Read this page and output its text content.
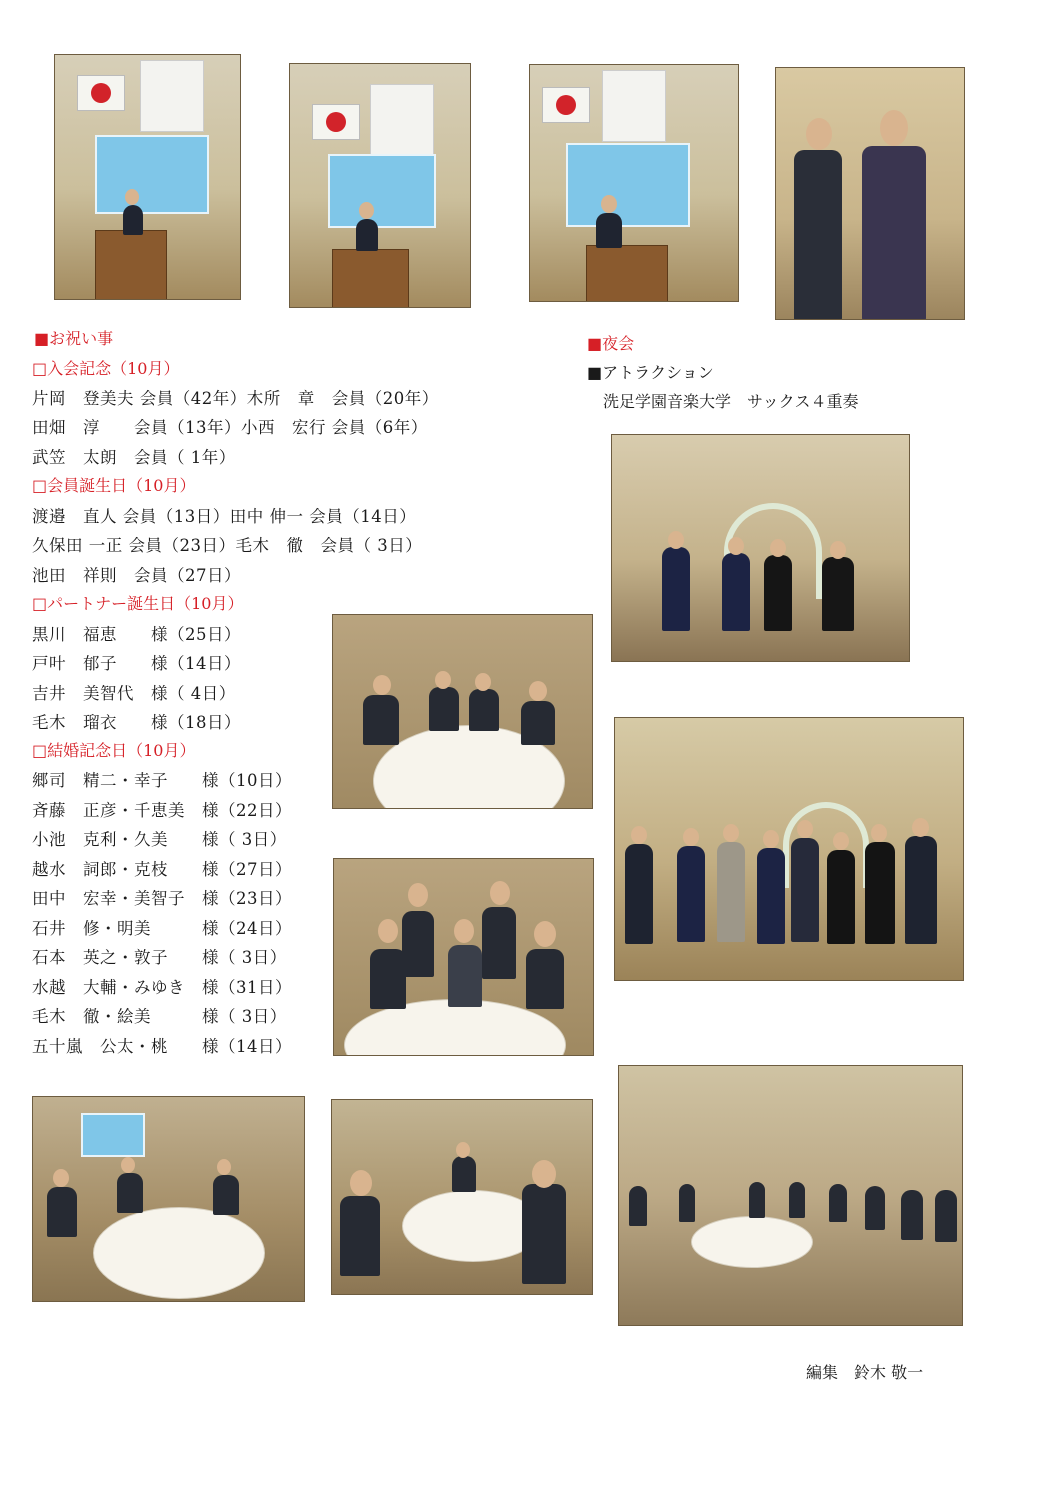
■お祝い事
□入会記念（10月）
片岡　登美夫 会員（42年）木所　章　会員（20年）
田畑　淳　　会員（13年）小西　宏行 会員（6年）
武笠　太朗　会員（ 1年）
□会員誕生日（10月）
渡邉　直人 会員（13日）田中 伸一 会員（14日）
久保田 一正 会員（23日）毛木　徹　会員（ 3日）
池田　祥則　会員（27日）
□パートナー誕生日（10月）
黒川　福恵　　様（25日）
戸叶　郁子　　様（14日）
吉井　美智代　様（ 4日）
毛木　瑠衣　　様（18日）
□結婚記念日（10月）
郷司　精二・幸子　　様（10日）
斉藤　正彦・千恵美　様（22日）
小池　克利・久美　　様（ 3日）
越水　詞郎・克枝　　様（27日）
田中　宏幸・美智子　様（23日）
石井　修・明美　　　様（24日）
石本　英之・敦子　　様（ 3日）
水越　大輔・みゆき　様（31日）
毛木　徹・絵美　　　様（ 3日）
五十嵐　公太・桃　　様（14日）
■夜会
■アトラクション
洗足学園音楽大学　サックス４重奏
編集　鈴木 敬一
